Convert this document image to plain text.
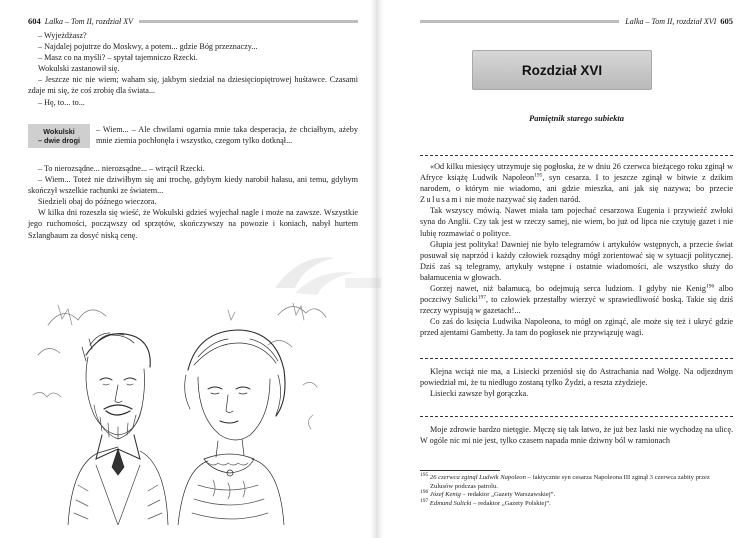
604 Lalka – Tom II, rozdział XV

– Wyjeżdżasz?

– Najdalej pojutrze do Moskwy, a potem... gdzie Bóg przeznaczy...

– Masz co na myśli? – spytał tajemniczo Rzecki.

Wokulski zastanowił się.

– Jeszcze nic nie wiem; waham się, jakbym siedział na dziesięciopiętrowej huśtawce. Czasami zdaje mi się, że coś zrobię dla świata...

– Hę, to... to...

Wokulski
– dwie drogi
– Wiem... – Ale chwilami ogarnia mnie taka desperacja, że chciałbym, ażeby mnie ziemia pochłonęła i wszystko, czegom tylko dotknął...

– To nierozsądne... nierozsądne... – wtrącił Rzecki.

– Wiem... Toteż nie dziwiłbym się ani trochę, gdybym kiedy narobił hałasu, ani temu, gdybym skończył wszelkie rachunki ze światem...

Siedzieli obaj do późnego wieczora.

W kilka dni rozeszła się wieść, że Wokulski gdzieś wyjechał nagle i może na zawsze. Wszystkie jego ruchomości, począwszy od sprzętów, skończywszy na powozie i koniach, nabył hurtem Szlangbaum za dosyć niską cenę.

Lalka – Tom II, rozdział XVI 605
Rozdział XVI
Pamiętnik starego subiekta

«Od kilku miesięcy utrzymuje się pogłoska, że w dniu 26 czerwca bieżącego roku zginął w Afryce książę Ludwik Napoleon$^{195}$, syn cesarza. I to jeszcze zginął w bitwie z dzikim narodem, o którym nie wiadomo, ani gdzie mieszka, ani jak się nazywa; bo przecie Zulusami nie może nazywać się żaden naród.

Tak wszyscy mówią. Nawet miała tam pojechać cesarzowa Eugenia i przywieźć zwłoki syna do Anglii. Czy tak jest w rzeczy samej, nie wiem, bo już od lipca nie czytuję gazet i nie lubię rozmawiać o polityce.

Głupia jest polityka! Dawniej nie było telegramów i artykułów wstępnych, a przecie świat posuwał się naprzód i każdy człowiek rozsądny mógł zorientować się w sytuacji politycznej. Dziś zaś są telegramy, artykuły wstępne i ostatnie wiadomości, ale wszystko służy do bałamucenia w głowach.

Gorzej nawet, niż bałamucą, bo odejmują serca ludziom. I gdyby nie Kenig$^{196}$ albo poczciwy Sulicki$^{197}$, to człowiek przestałby wierzyć w sprawiedliwość boską. Takie się dziś rzeczy wypisują w gazetach!...

Co zaś do księcia Ludwika Napoleona, to mógł on zginąć, ale może się też i ukryć gdzie przed ajentami Gambetty. Ja tam do pogłosek nie przywiązuję wagi.

Klejna wciąż nie ma, a Lisiecki przeniósł się do Astrachania nad Wołgę. Na odjezdnym powiedział mi, że tu niedługo zostaną tylko Żydzi, a reszta zżydzieje.

Lisiecki zawsze był gorączka.

Moje zdrowie bardzo nietęgie. Męczę się tak łatwo, że już bez laski nie wychodzę na ulicę. W ogóle nic mi nie jest, tylko czasem napada mnie dziwny ból w ramionach

$^{195}$ 26 czerwca zginął Ludwik Napoleon – faktycznie syn cesarza Napoleona III zginął 3 czerwca zabity przez Zulusów podczas patrolu.

$^{196}$ Józef Kenig – redaktor „Gazety Warszawskiej”.

$^{197}$ Edmund Sulicki – redaktor „Gazety Polskiej”.
